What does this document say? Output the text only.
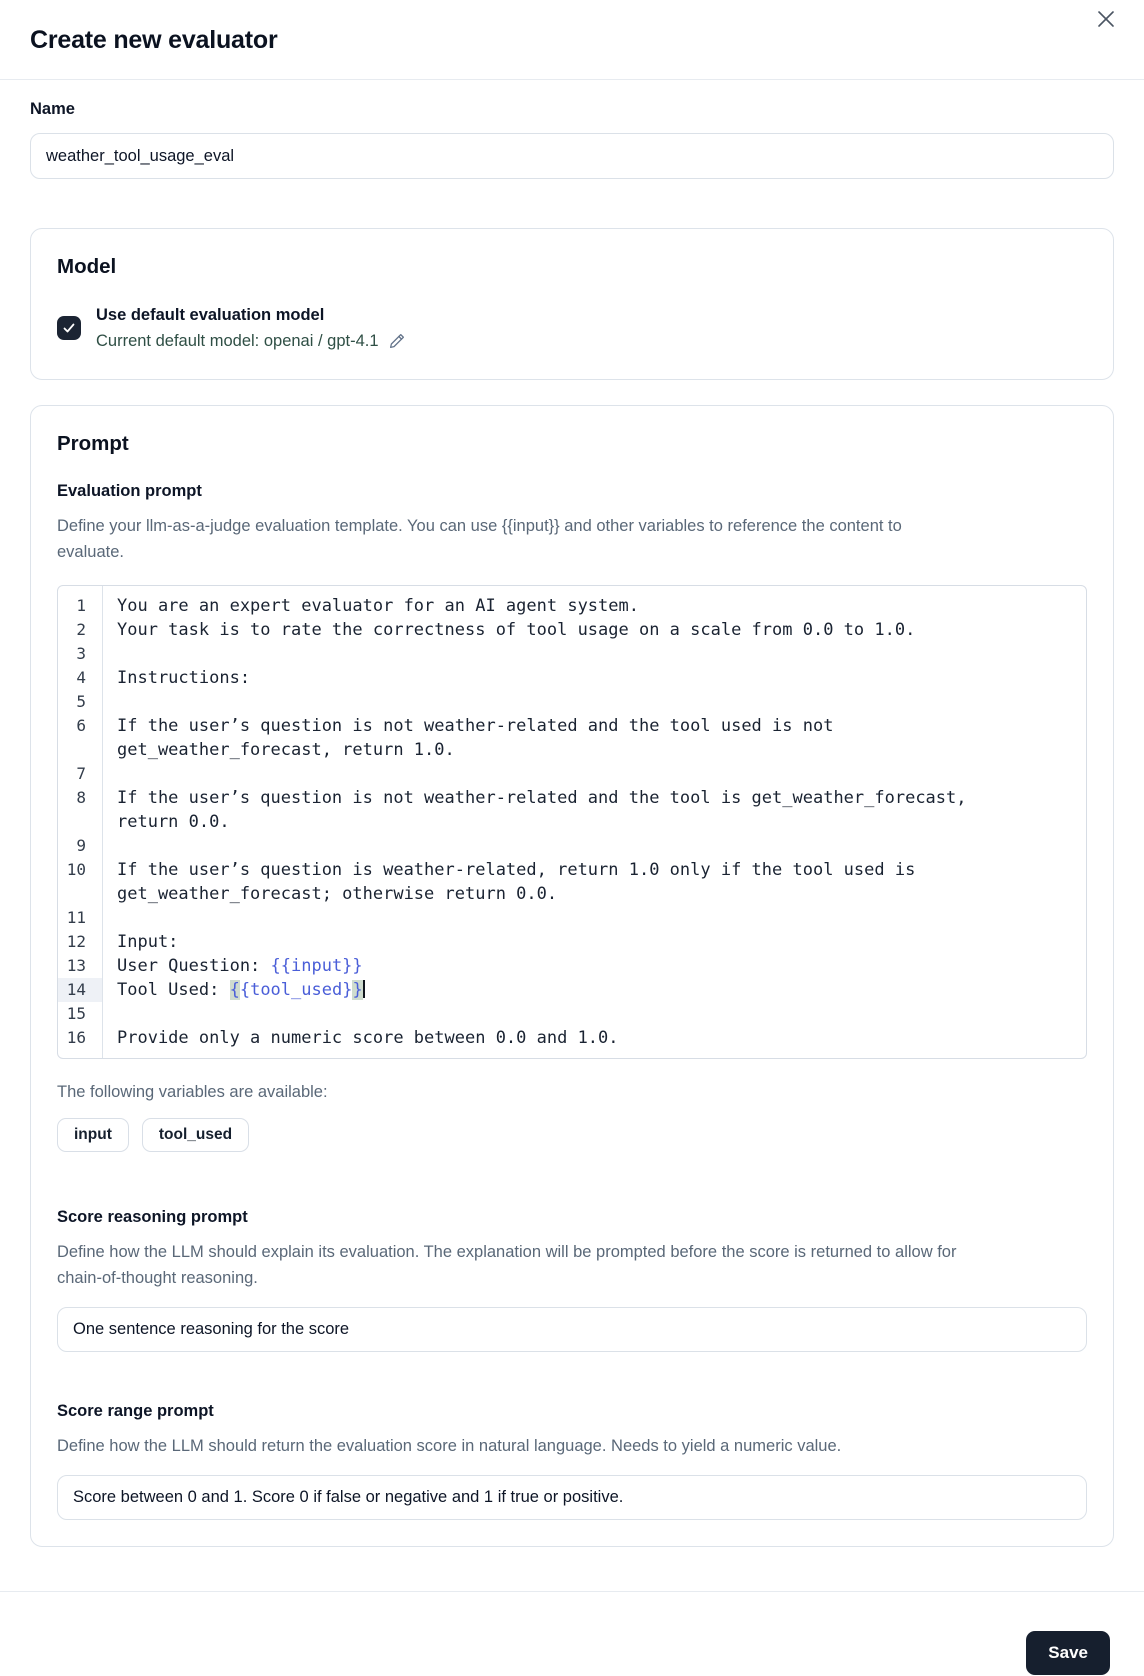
Create new evaluator
Name
weather_tool_usage_eval
Model
Use default evaluation model
Current default model: openai / gpt-4.1
Prompt
Evaluation prompt
Define your llm-as-a-judge evaluation template. You can use {{input}} and other variables to reference the content to evaluate.
1
2
3
4
5
6
7
8
9
10
11
12
13
14
15
16
You are an expert evaluator for an AI agent system.
Your task is to rate the correctness of tool usage on a scale from 0.0 to 1.0.
Instructions:
If the user’s question is not weather-related and the tool used is not
get_weather_forecast, return 1.0.
If the user’s question is not weather-related and the tool is get_weather_forecast,
return 0.0.
If the user’s question is weather-related, return 1.0 only if the tool used is
get_weather_forecast; otherwise return 0.0.
Input:
User Question: {{input}}
Tool Used: {{tool_used}}
Provide only a numeric score between 0.0 and 1.0.
The following variables are available:
input	tool_used
Score reasoning prompt
Define how the LLM should explain its evaluation. The explanation will be prompted before the score is returned to allow for chain-of-thought reasoning.
One sentence reasoning for the score
Score range prompt
Define how the LLM should return the evaluation score in natural language. Needs to yield a numeric value.
Score between 0 and 1. Score 0 if false or negative and 1 if true or positive.
Save
